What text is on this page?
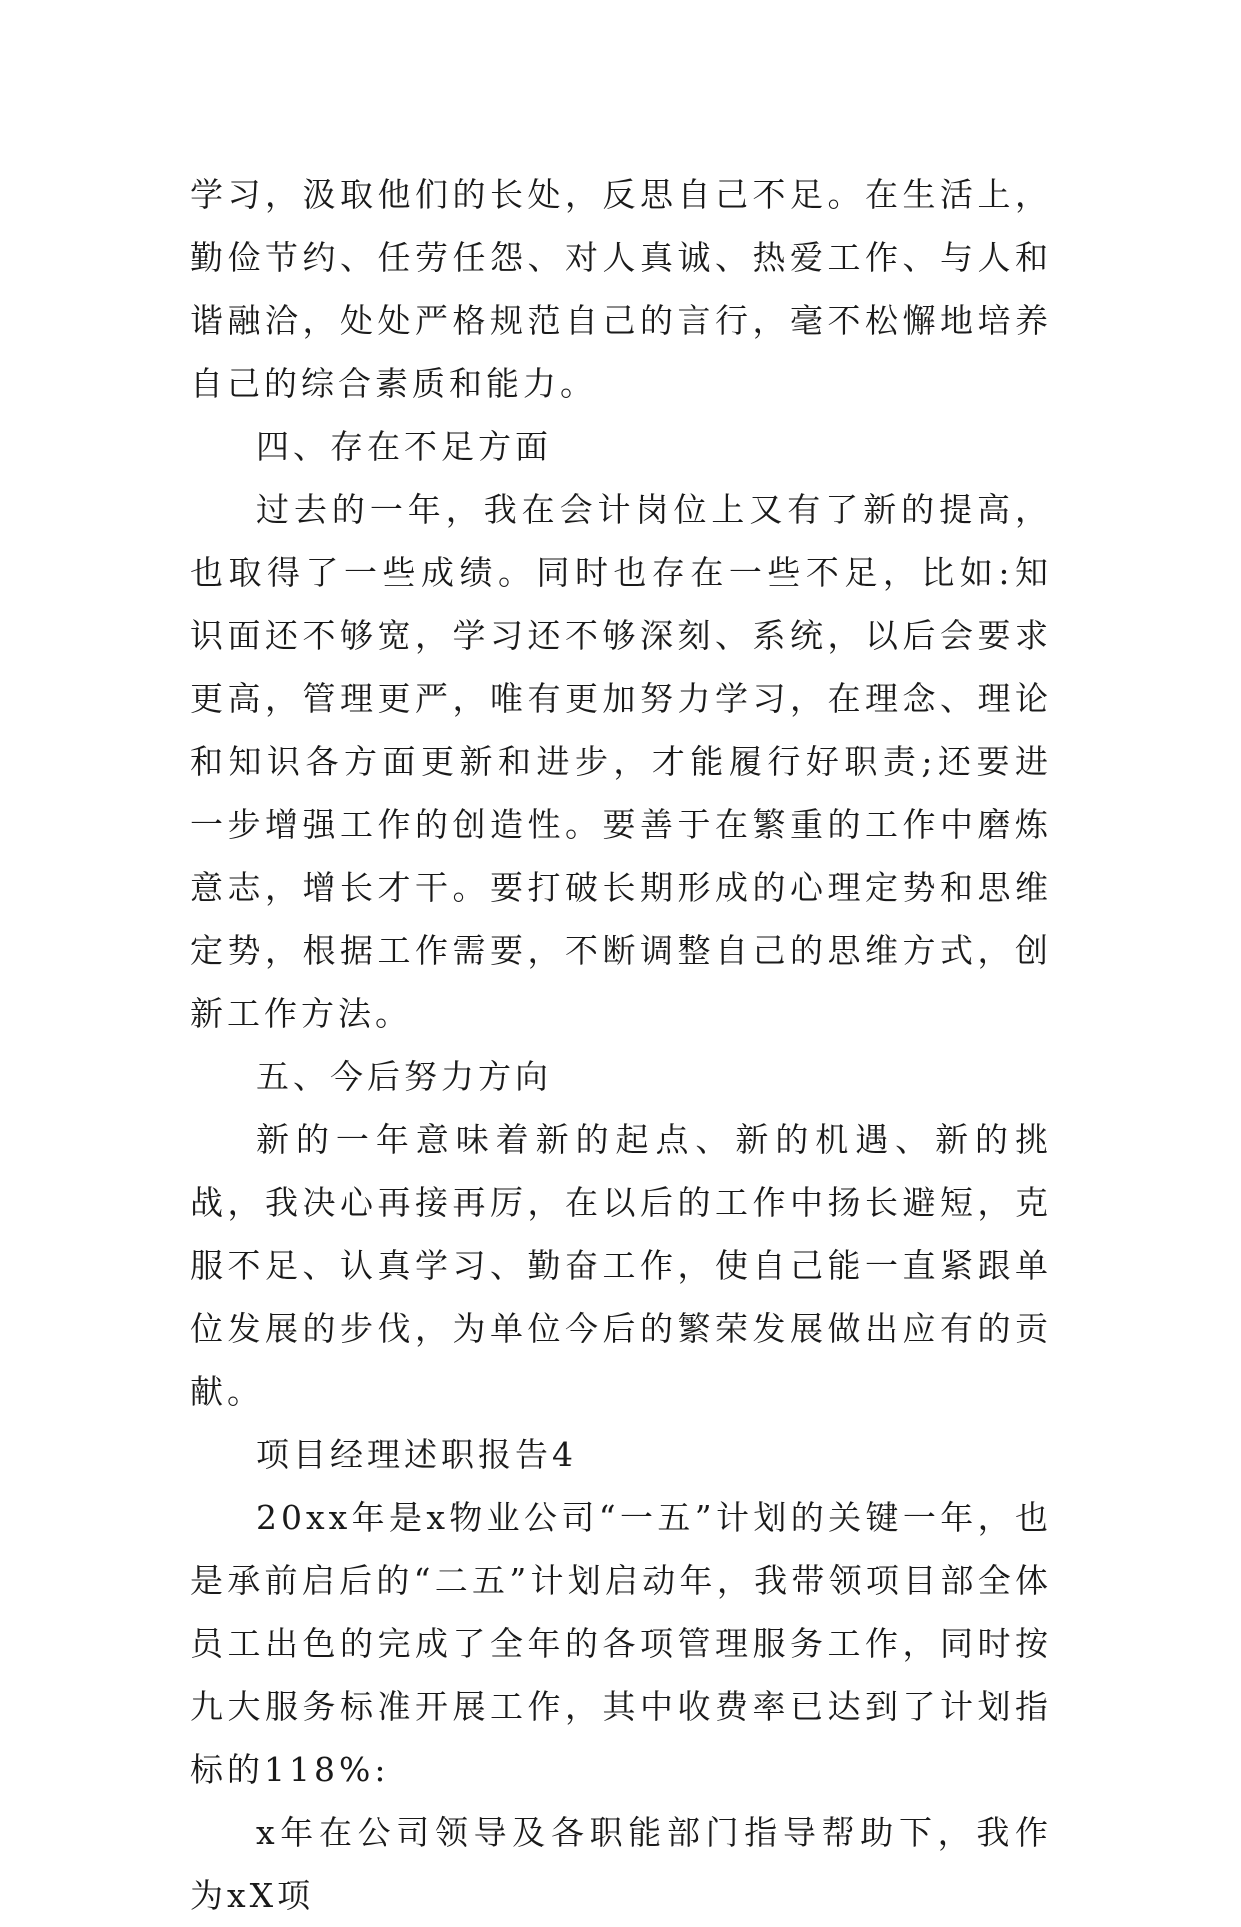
学习，汲取他们的长处，反思自己不足。在生活上，勤俭节约、任劳任怨、对人真诚、热爱工作、与人和谐融洽，处处严格规范自己的言行，毫不松懈地培养自己的综合素质和能力。

四、存在不足方面

过去的一年，我在会计岗位上又有了新的提高，也取得了一些成绩。同时也存在一些不足，比如:知识面还不够宽，学习还不够深刻、系统，以后会要求更高，管理更严，唯有更加努力学习，在理念、理论和知识各方面更新和进步，才能履行好职责;还要进一步增强工作的创造性。要善于在繁重的工作中磨炼意志，增长才干。要打破长期形成的心理定势和思维定势，根据工作需要，不断调整自己的思维方式，创新工作方法。

五、今后努力方向

新的一年意味着新的起点、新的机遇、新的挑战，我决心再接再厉，在以后的工作中扬长避短，克服不足、认真学习、勤奋工作，使自己能一直紧跟单位发展的步伐，为单位今后的繁荣发展做出应有的贡献。

项目经理述职报告4

20xx年是x物业公司“一五”计划的关键一年，也是承前启后的“二五”计划启动年，我带领项目部全体员工出色的完成了全年的各项管理服务工作，同时按九大服务标准开展工作，其中收费率已达到了计划指标的118%:

x年在公司领导及各职能部门指导帮助下，我作为xX项
